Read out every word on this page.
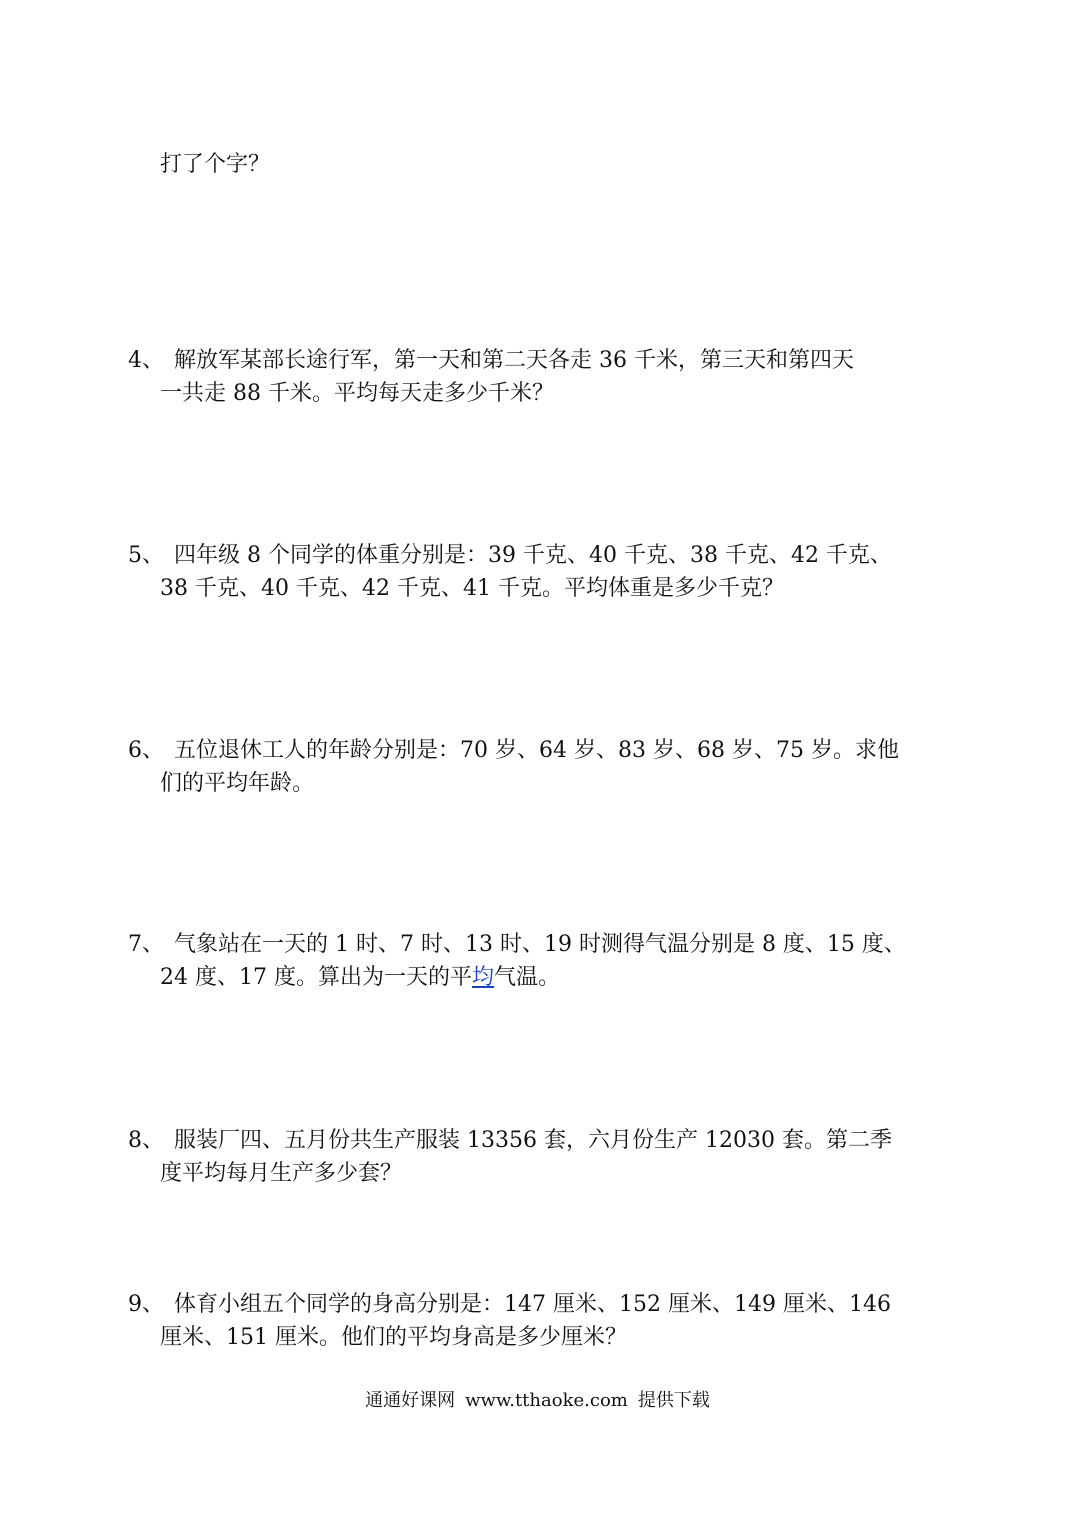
打了个字？
4、 解放军某部长途行军，第一天和第二天各走 36 千米，第三天和第四天
一共走 88 千米。平均每天走多少千米？
5、 四年级 8 个同学的体重分别是：39 千克、40 千克、38 千克、42 千克、
38 千克、40 千克、42 千克、41 千克。平均体重是多少千克？
6、 五位退休工人的年龄分别是：70 岁、64 岁、83 岁、68 岁、75 岁。求他
们的平均年龄。
7、 气象站在一天的 1 时、7 时、13 时、19 时测得气温分别是 8 度、15 度、
24 度、17 度。算出为一天的平均气温。
8、 服装厂四、五月份共生产服装 13356 套，六月份生产 12030 套。第二季
度平均每月生产多少套？
9、 体育小组五个同学的身高分别是：147 厘米、152 厘米、149 厘米、146
厘米、151 厘米。他们的平均身高是多少厘米？
通通好课网 www.tthaoke.com 提供下载
